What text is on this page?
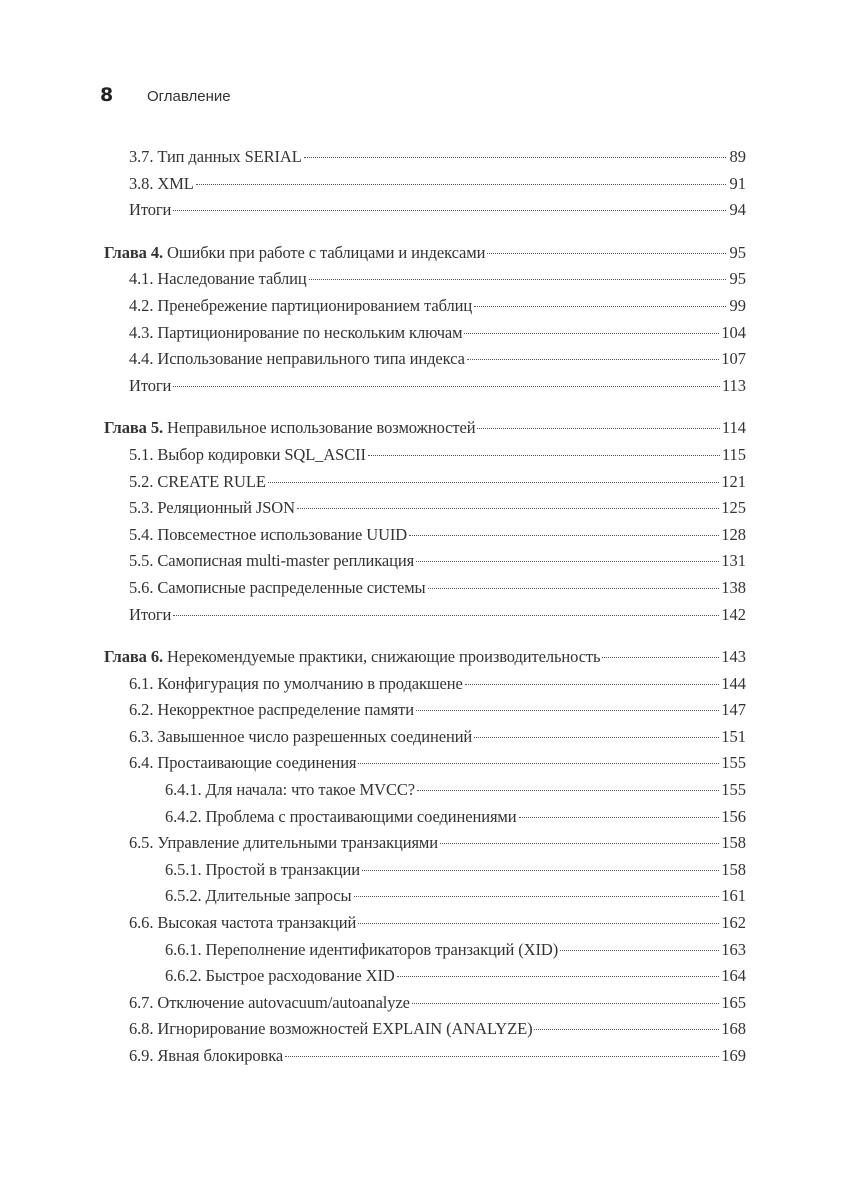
8	Оглавление
3.7. Тип данных SERIAL	89
3.8. XML	91
Итоги	94
Глава 4. Ошибки при работе с таблицами и индексами	95
4.1. Наследование таблиц	95
4.2. Пренебрежение партиционированием таблиц	99
4.3. Партиционирование по нескольким ключам	104
4.4. Использование неправильного типа индекса	107
Итоги	113
Глава 5. Неправильное использование возможностей	114
5.1. Выбор кодировки SQL_ASCII	115
5.2. CREATE RULE	121
5.3. Реляционный JSON	125
5.4. Повсеместное использование UUID	128
5.5. Самописная multi-master репликация	131
5.6. Самописные распределенные системы	138
Итоги	142
Глава 6. Нерекомендуемые практики, снижающие производительность	143
6.1. Конфигурация по умолчанию в продакшене	144
6.2. Некорректное распределение памяти	147
6.3. Завышенное число разрешенных соединений	151
6.4. Простаивающие соединения	155
6.4.1. Для начала: что такое MVCC?	155
6.4.2. Проблема с простаивающими соединениями	156
6.5. Управление длительными транзакциями	158
6.5.1. Простой в транзакции	158
6.5.2. Длительные запросы	161
6.6. Высокая частота транзакций	162
6.6.1. Переполнение идентификаторов транзакций (XID)	163
6.6.2. Быстрое расходование XID	164
6.7. Отключение autovacuum/autoanalyze	165
6.8. Игнорирование возможностей EXPLAIN (ANALYZE)	168
6.9. Явная блокировка	169
